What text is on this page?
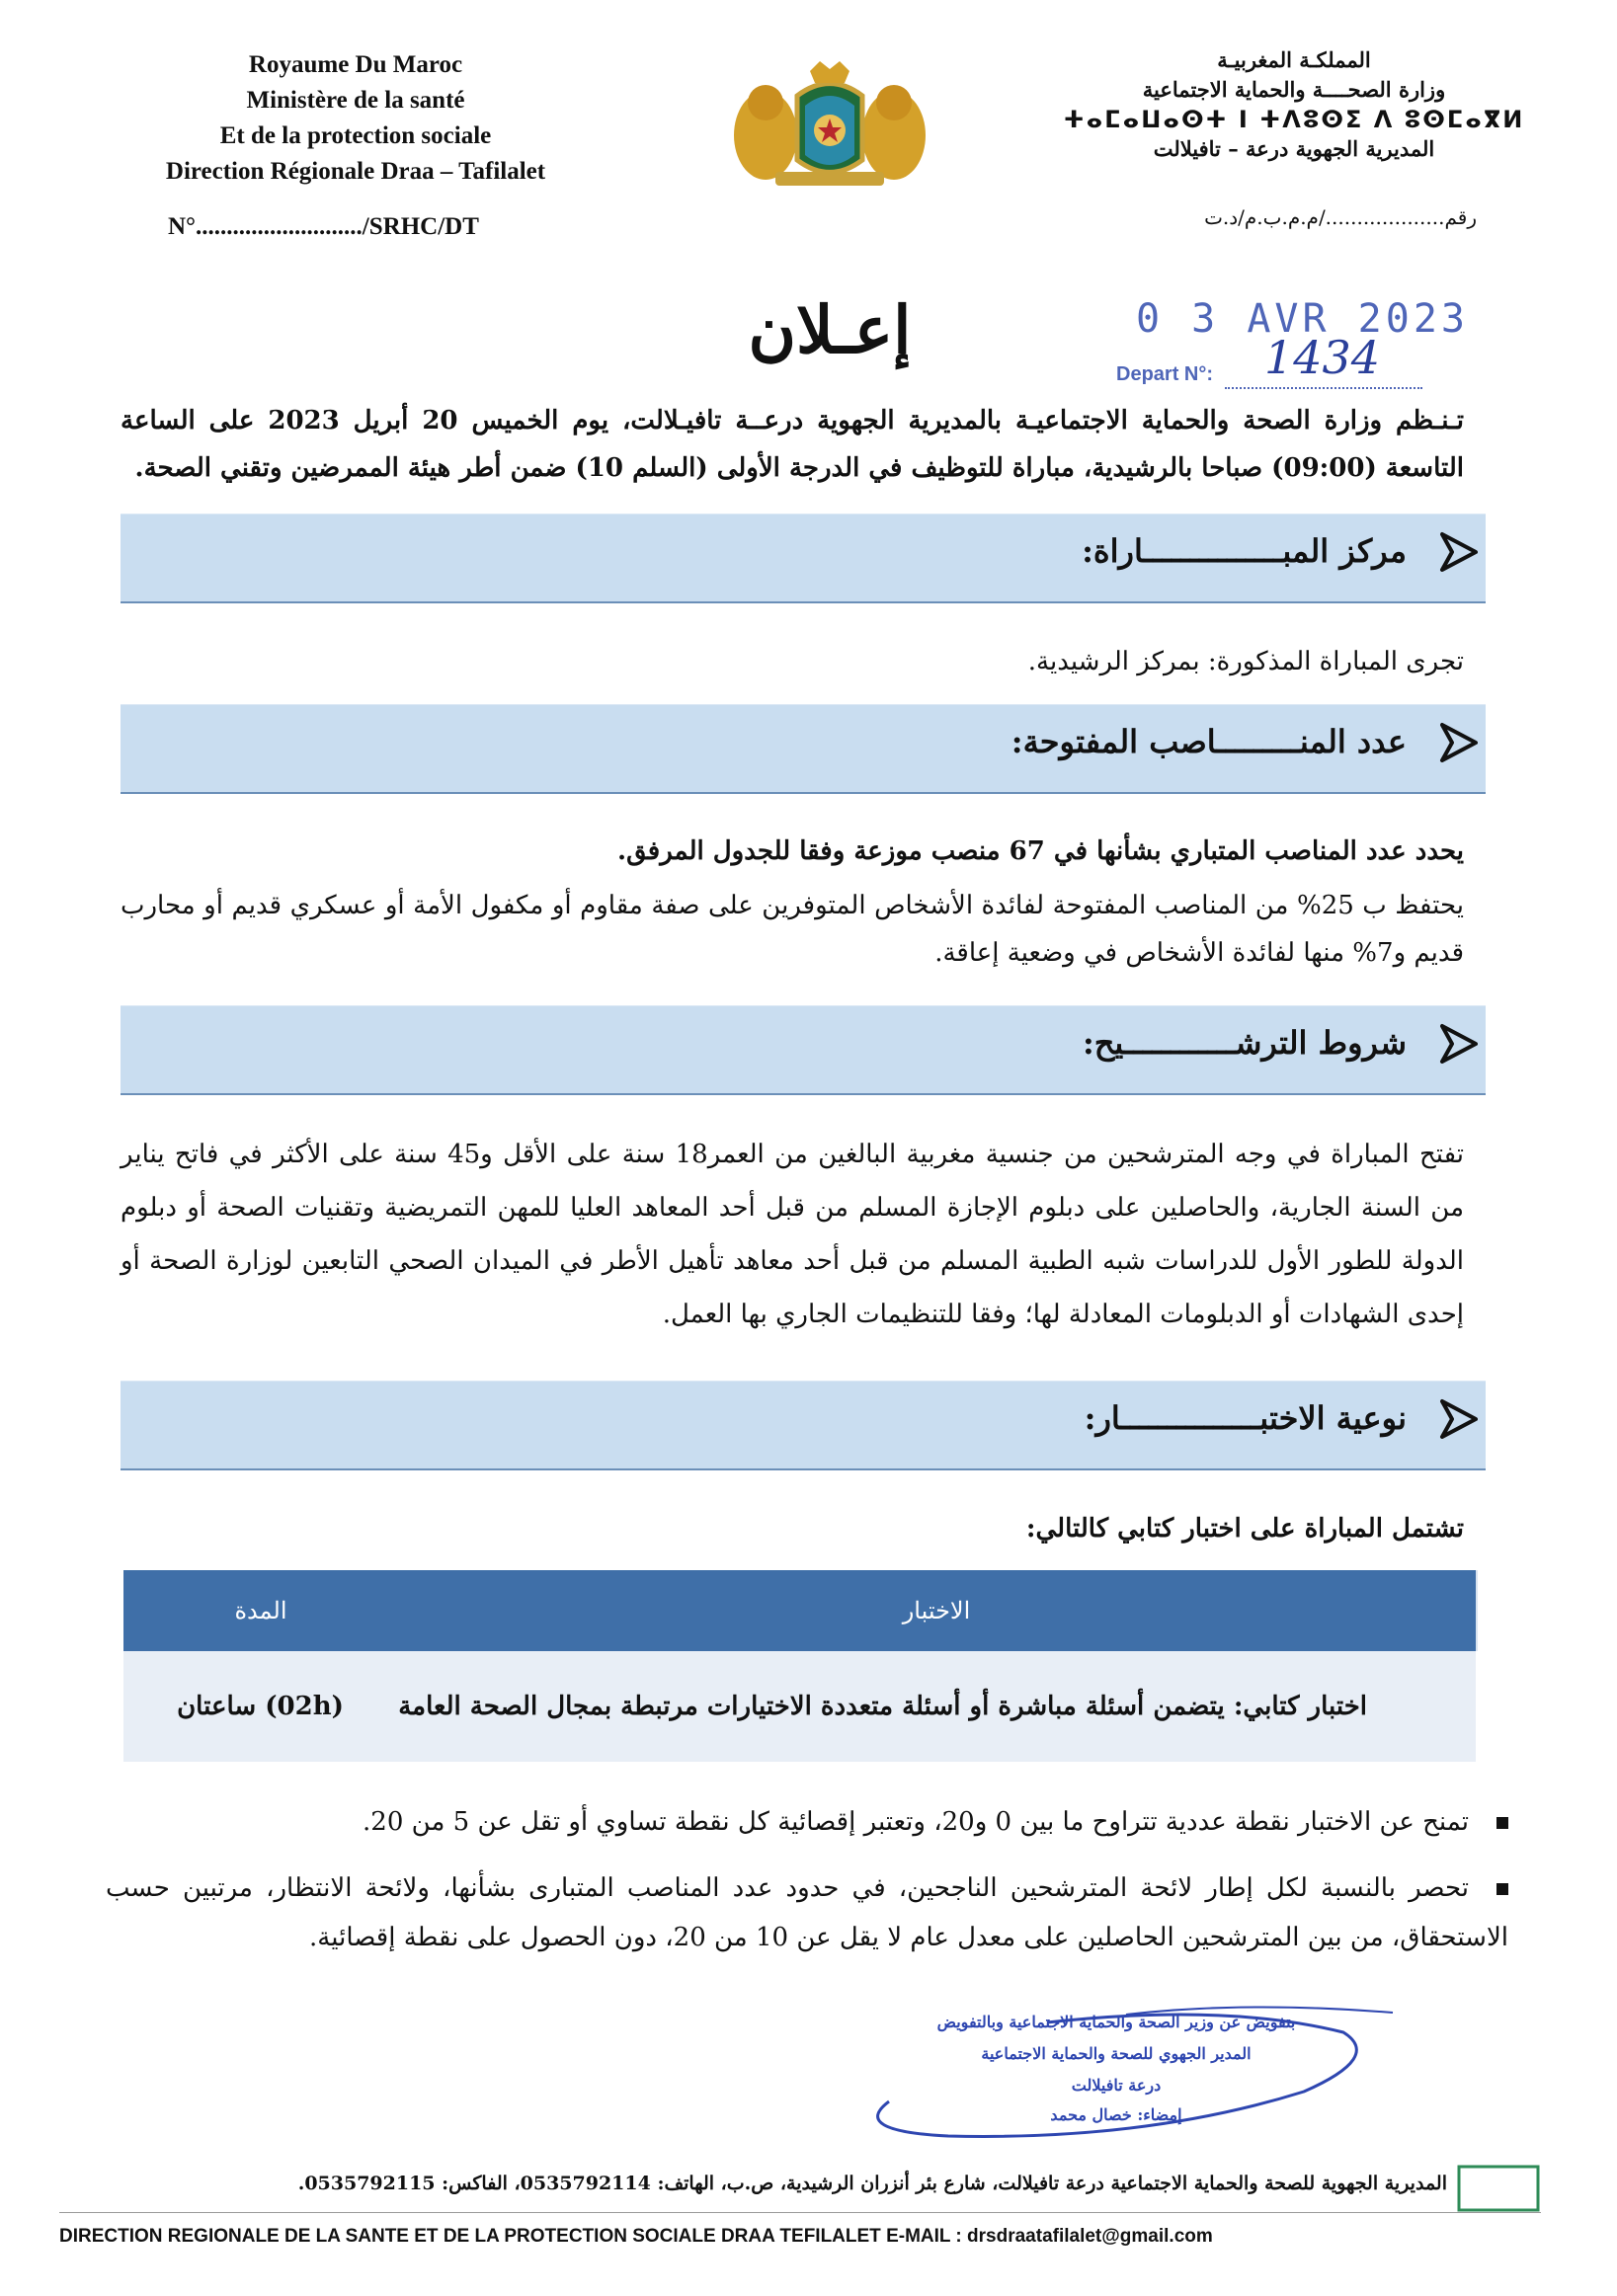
Royaume Du Maroc
Ministère de la santé
Et de la protection sociale
Direction Régionale Draa – Tafilalet
N°.........................../SRHC/DT
المملكـة المغربيـة
وزارة الصحــــة والحماية الاجتماعية
ⵜⴰⵎⴰⵡⴰⵙⵜ ⵏ ⵜⴷⵓⵙⵉ ⴷ ⵓⵙⵎⴰⴳⵍ
المديرية الجهوية درعة – تافيلالت
رقم.................../م.م.ب.م/د.ت
0 3 AVR 2023
Depart N°: 1434
إعـلان
تـنـظم وزارة الصحة والحماية الاجتماعيـة بالمديرية الجهوية درعــة تافيـلالت، يوم الخميس 20 أبريل 2023 على الساعة التاسعة (09:00) صباحا بالرشيدية، مباراة للتوظيف في الدرجة الأولى (السلم 10) ضمن أطر هيئة الممرضين وتقني الصحة.
مركز المبـــــــــــــــاراة:
تجرى المباراة المذكورة: بمركز الرشيدية.
عدد المنـــــــــاصب المفتوحة:
يحدد عدد المناصب المتباري بشأنها في 67 منصب موزعة وفقا للجدول المرفق.
يحتفظ ب 25% من المناصب المفتوحة لفائدة الأشخاص المتوفرين على صفة مقاوم أو مكفول الأمة أو عسكري قديم أو محارب قديم و7% منها لفائدة الأشخاص في وضعية إعاقة.
شروط الترشــــــــــــيح:
تفتح المباراة في وجه المترشحين من جنسية مغربية البالغين من العمر18 سنة على الأقل و45 سنة على الأكثر في فاتح يناير من السنة الجارية، والحاصلين على دبلوم الإجازة المسلم من قبل أحد المعاهد العليا للمهن التمريضية وتقنيات الصحة أو دبلوم الدولة للطور الأول للدراسات شبه الطبية المسلم من قبل أحد معاهد تأهيل الأطر في الميدان الصحي التابعين لوزارة الصحة أو إحدى الشهادات أو الدبلومات المعادلة لها؛ وفقا للتنظيمات الجاري بها العمل.
نوعية الاختبـــــــــــــــار:
تشتمل المباراة على اختبار كتابي كالتالي:
الاختبار	المدة
اختبار كتابي: يتضمن أسئلة مباشرة أو أسئلة متعددة الاختيارات مرتبطة بمجال الصحة العامة	(02h) ساعتان
تمنح عن الاختبار نقطة عددية تتراوح ما بين 0 و20، وتعتبر إقصائية كل نقطة تساوي أو تقل عن 5 من 20.
تحصر بالنسبة لكل إطار لائحة المترشحين الناجحين، في حدود عدد المناصب المتبارى بشأنها، ولائحة الانتظار، مرتبين حسب الاستحقاق، من بين المترشحين الحاصلين على معدل عام لا يقل عن 10 من 20، دون الحصول على نقطة إقصائية.
بتفويض عن وزير الصحة والحماية الاجتماعية وبالتفويض
المدير الجهوي للصحة والحماية الاجتماعية
درعة تافيلالت
إمضاء: خصال محمد
المديرية الجهوية للصحة والحماية الاجتماعية درعة تافيلالت، شارع بئر أنزران الرشيدية، ص.ب، الهاتف: 0535792114، الفاكس: 0535792115.
DIRECTION REGIONALE DE LA SANTE ET DE LA PROTECTION SOCIALE DRAA TEFILALET E-MAIL : drsdraatafilalet@gmail.com
